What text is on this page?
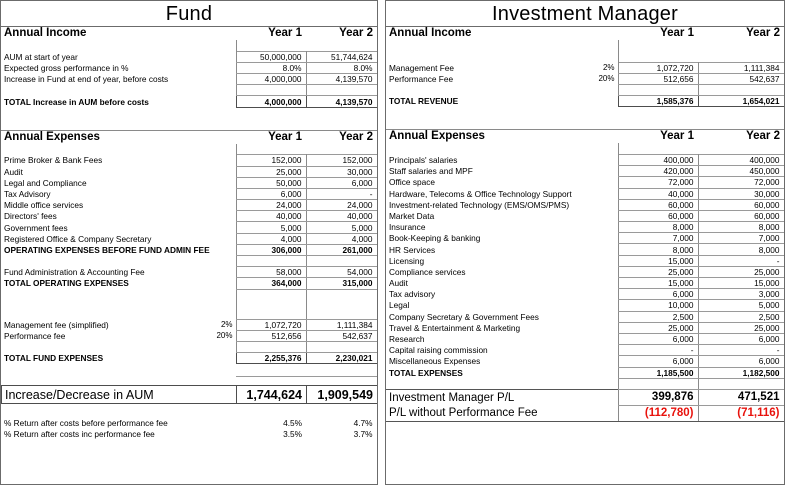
Fund
Annual Income	Year 1	Year 2

AUM at start of year	50,000,000	51,744,624
Expected gross performance in %	8.0%	8.0%
Increase in Fund at end of year, before costs	4,000,000	4,139,570

TOTAL Increase in AUM before costs	4,000,000	4,139,570
Annual Expenses		Year 1	Year 2

Prime Broker & Bank Fees		152,000	152,000
Audit		25,000	30,000
Legal and Compliance		50,000	6,000
Tax Advisory		6,000	-
Middle office services		24,000	24,000
Directors' fees		40,000	40,000
Government fees		5,000	5,000
Registered Office & Company Secretary		4,000	4,000
OPERATING EXPENSES BEFORE FUND ADMIN FEE		306,000	261,000

Fund Administration & Accounting Fee		58,000	54,000
TOTAL OPERATING EXPENSES		364,000	315,000

Management fee (simplified)	2%	1,072,720	1,111,384
Performance fee	20%	512,656	542,637

TOTAL FUND EXPENSES		2,255,376	2,230,021

Increase/Decrease in AUM	1,744,624	1,909,549
% Return after costs before performance fee	4.5%	4.7%
% Return after costs inc performance fee	3.5%	3.7%
Investment Manager
Annual Income		Year 1	Year 2

Management Fee	2%	1,072,720	1,111,384
Performance Fee	20%	512,656	542,637

TOTAL REVENUE		1,585,376	1,654,021
Annual Expenses	Year 1	Year 2

Principals' salaries	400,000	400,000
Staff salaries and MPF	420,000	450,000
Office space	72,000	72,000
Hardware, Telecoms & Office Technology Support	40,000	30,000
Investment-related Technology (EMS/OMS/PMS)	60,000	60,000
Market Data	60,000	60,000
Insurance	8,000	8,000
Book-Keeping & banking	7,000	7,000
HR Services	8,000	8,000
Licensing	15,000	-
Compliance services	25,000	25,000
Audit	15,000	15,000
Tax advisory	6,000	3,000
Legal	10,000	5,000
Company Secretary & Government Fees	2,500	2,500
Travel & Entertainment & Marketing	25,000	25,000
Research	6,000	6,000
Capital raising commission	-	-
Miscellaneous Expenses	6,000	6,000
TOTAL EXPENSES	1,185,500	1,182,500

Investment Manager P/L	399,876	471,521
P/L without Performance Fee	(112,780)	(71,116)
